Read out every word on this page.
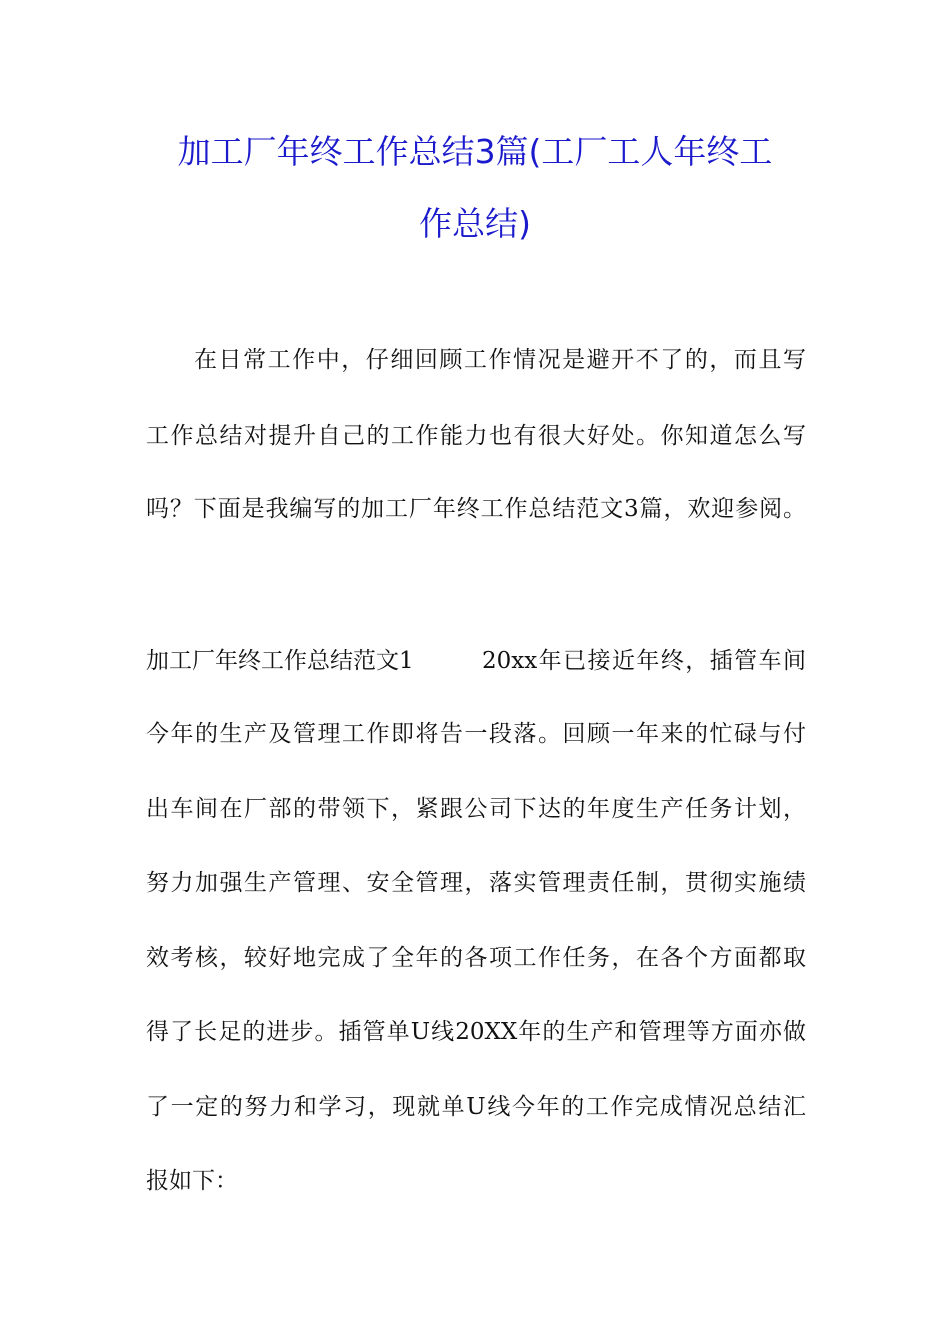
加工厂年终工作总结3篇(工厂工人年终工
作总结)
在日常工作中，仔细回顾工作情况是避开不了的，而且写
工作总结对提升自己的工作能力也有很大好处。你知道怎么写
吗？下面是我编写的加工厂年终工作总结范文3篇，欢迎参阅。
加工厂年终工作总结范文1	20xx年已接近年终，插管车间
今年的生产及管理工作即将告一段落。回顾一年来的忙碌与付
出车间在厂部的带领下，紧跟公司下达的年度生产任务计划，
努力加强生产管理、安全管理，落实管理责任制，贯彻实施绩
效考核，较好地完成了全年的各项工作任务，在各个方面都取
得了长足的进步。插管单U线20XX年的生产和管理等方面亦做
了一定的努力和学习，现就单U线今年的工作完成情况总结汇
报如下：
